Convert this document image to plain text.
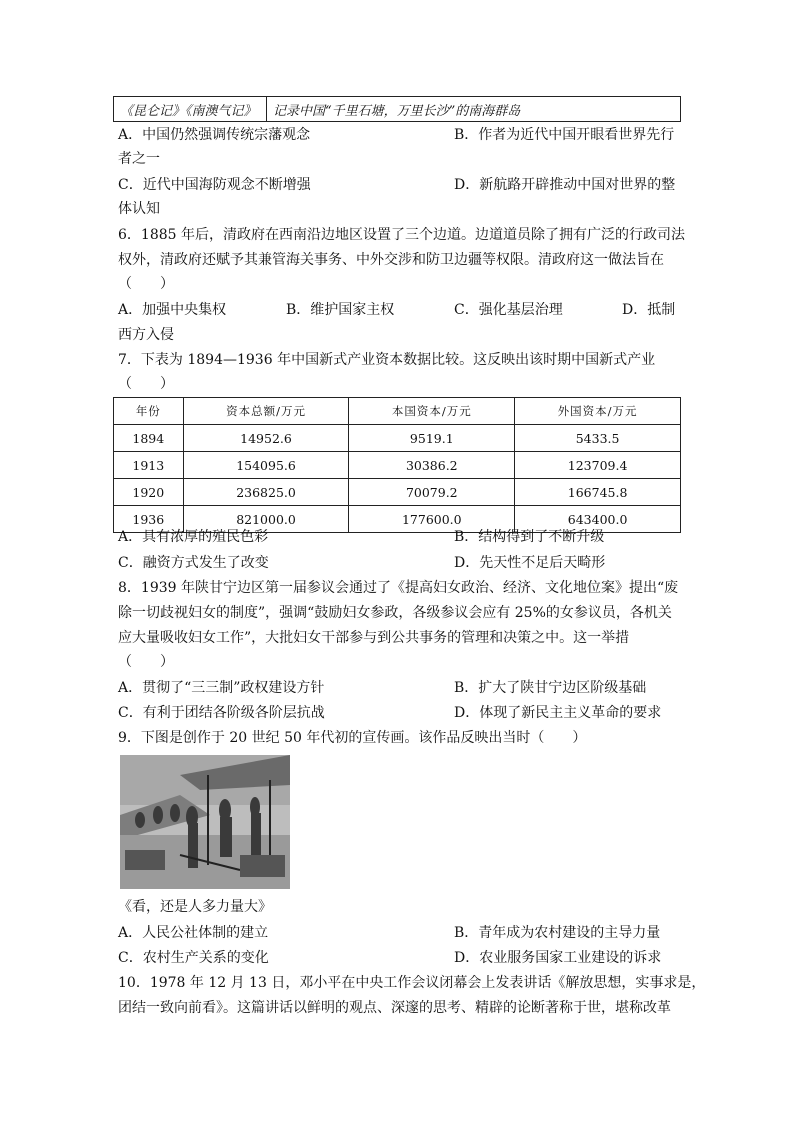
《昆仑记》《南澳气记》	记录中国“千里石塘，万里长沙”的南海群岛
A．中国仍然强调传统宗藩观念	B．作者为近代中国开眼看世界先行
者之一
C．近代中国海防观念不断增强	D．新航路开辟推动中国对世界的整
体认知
6．1885 年后，清政府在西南沿边地区设置了三个边道。边道道员除了拥有广泛的行政司法
权外，清政府还赋予其兼管海关事务、中外交涉和防卫边疆等权限。清政府这一做法旨在
（　　）
A．加强中央集权	B．维护国家主权	C．强化基层治理	D．抵制
西方入侵
7．下表为 1894—1936 年中国新式产业资本数据比较。这反映出该时期中国新式产业
（　　）
年份	资本总额/万元	本国资本/万元	外国资本/万元
1894	14952.6	9519.1	5433.5
1913	154095.6	30386.2	123709.4
1920	236825.0	70079.2	166745.8
1936	821000.0	177600.0	643400.0
A．具有浓厚的殖民色彩	B．结构得到了不断升级
C．融资方式发生了改变	D．先天性不足后天畸形
8．1939 年陕甘宁边区第一届参议会通过了《提高妇女政治、经济、文化地位案》提出“废
除一切歧视妇女的制度”，强调“鼓励妇女参政，各级参议会应有 25%的女参议员，各机关
应大量吸收妇女工作”，大批妇女干部参与到公共事务的管理和决策之中。这一举措
（　　）
A．贯彻了“三三制”政权建设方针	B．扩大了陕甘宁边区阶级基础
C．有利于团结各阶级各阶层抗战	D．体现了新民主主义革命的要求
9．下图是创作于 20 世纪 50 年代初的宣传画。该作品反映出当时（　　）
《看，还是人多力量大》
A．人民公社体制的建立	B．青年成为农村建设的主导力量
C．农村生产关系的变化	D．农业服务国家工业建设的诉求
10．1978 年 12 月 13 日，邓小平在中央工作会议闭幕会上发表讲话《解放思想，实事求是，
团结一致向前看》。这篇讲话以鲜明的观点、深邃的思考、精辟的论断著称于世，堪称改革
